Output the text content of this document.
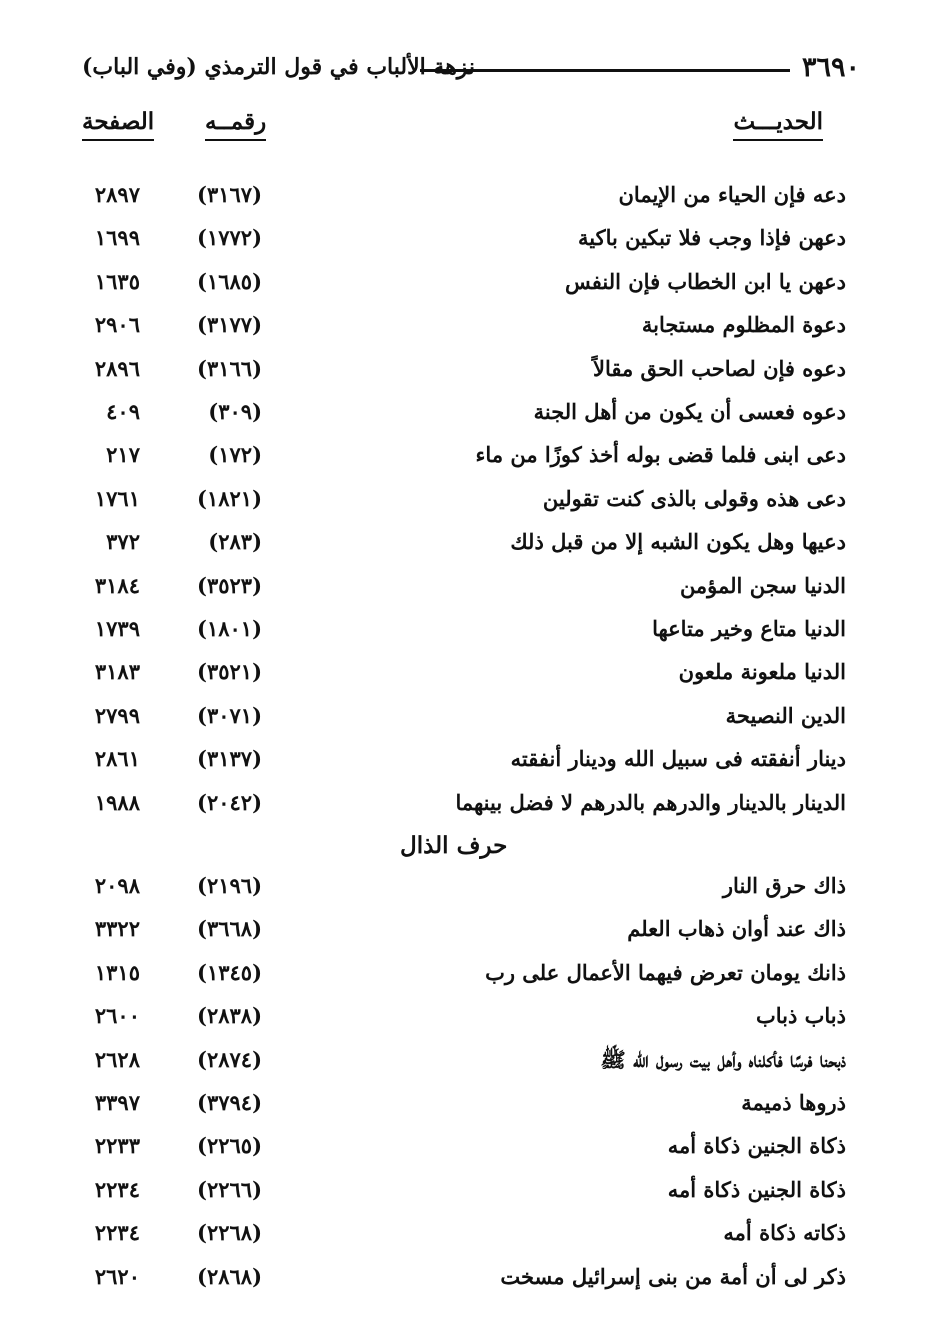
٣٦٩٠
نزهة الألباب في قول الترمذي (وفي الباب)
الحديـــث
رقمــه
الصفحة
دعه فإن الحياء من الإيمان
(٣١٦٧)
٢٨٩٧
دعهن فإذا وجب فلا تبكين باكية
(١٧٧٢)
١٦٩٩
دعهن يا ابن الخطاب فإن النفس
(١٦٨٥)
١٦٣٥
دعوة المظلوم مستجابة
(٣١٧٧)
٢٩٠٦
دعوه فإن لصاحب الحق مقالاً
(٣١٦٦)
٢٨٩٦
دعوه فعسى أن يكون من أهل الجنة
(٣٠٩)
٤٠٩
دعى ابنى فلما قضى بوله أخذ كوزًا من ماء
(١٧٢)
٢١٧
دعى هذه وقولى بالذى كنت تقولين
(١٨٢١)
١٧٦١
دعيها وهل يكون الشبه إلا من قبل ذلك
(٢٨٣)
٣٧٢
الدنيا سجن المؤمن
(٣٥٢٣)
٣١٨٤
الدنيا متاع وخير متاعها
(١٨٠١)
١٧٣٩
الدنيا ملعونة ملعون
(٣٥٢١)
٣١٨٣
الدين النصيحة
(٣٠٧١)
٢٧٩٩
دينار أنفقته فى سبيل الله ودينار أنفقته
(٣١٣٧)
٢٨٦١
الدينار بالدينار والدرهم بالدرهم لا فضل بينهما
(٢٠٤٢)
١٩٨٨
ذاك حرق النار
(٢١٩٦)
٢٠٩٨
ذاك عند أوان ذهاب العلم
(٣٦٦٨)
٣٣٢٢
ذانك يومان تعرض فيهما الأعمال على رب
(١٣٤٥)
١٣١٥
ذباب ذباب
(٢٨٣٨)
٢٦٠٠
ذبحنا فرسًا فأكلناه وأهل بيت رسول الله ﷺ
(٢٨٧٤)
٢٦٢٨
ذروها ذميمة
(٣٧٩٤)
٣٣٩٧
ذكاة الجنين ذكاة أمه
(٢٢٦٥)
٢٢٣٣
ذكاة الجنين ذكاة أمه
(٢٢٦٦)
٢٢٣٤
ذكاته ذكاة أمه
(٢٢٦٨)
٢٢٣٤
ذكر لى أن أمة من بنى إسرائيل مسخت
(٢٨٦٨)
٢٦٢٠
حرف الذال
